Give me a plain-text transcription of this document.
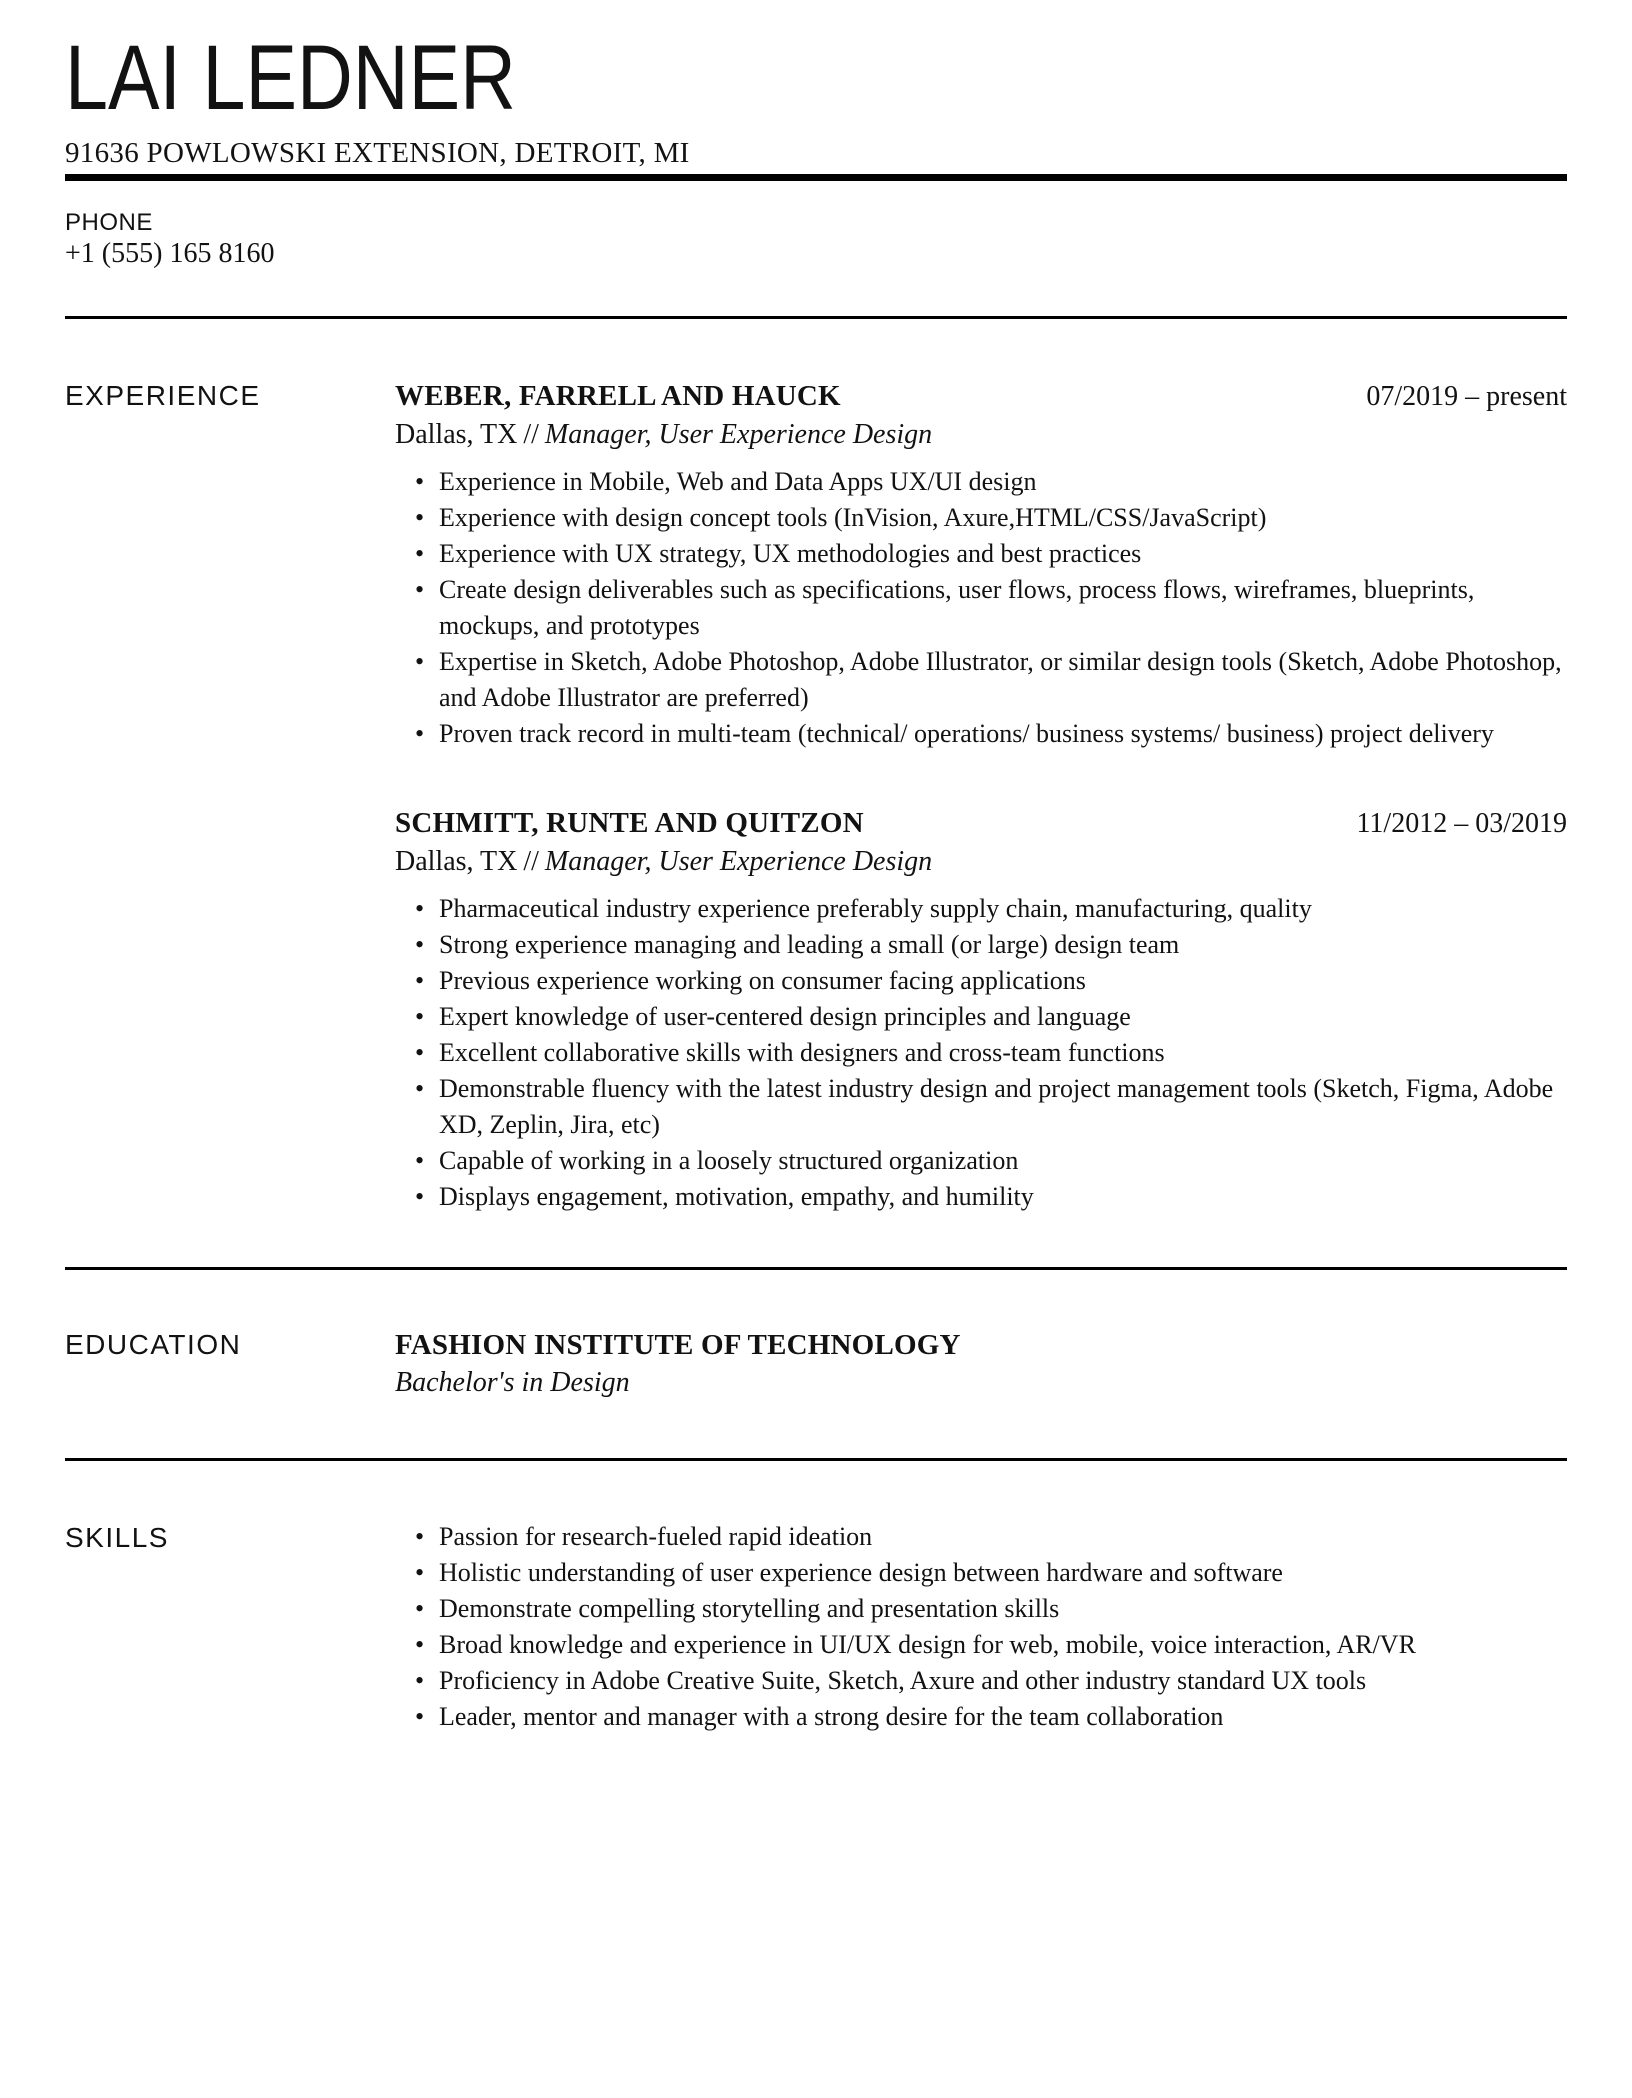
LAI LEDNER
91636 POWLOWSKI EXTENSION, DETROIT, MI
PHONE
+1 (555) 165 8160
EXPERIENCE	WEBER, FARRELL AND HAUCK	07/2019 – present
Dallas, TX // Manager, User Experience Design
• Experience in Mobile, Web and Data Apps UX/UI design
• Experience with design concept tools (InVision, Axure,HTML/CSS/JavaScript)
• Experience with UX strategy, UX methodologies and best practices
• Create design deliverables such as specifications, user flows, process flows, wireframes, blueprints, mockups, and prototypes
• Expertise in Sketch, Adobe Photoshop, Adobe Illustrator, or similar design tools (Sketch, Adobe Photoshop, and Adobe Illustrator are preferred)
• Proven track record in multi-team (technical/ operations/ business systems/ business) project delivery
SCHMITT, RUNTE AND QUITZON	11/2012 – 03/2019
Dallas, TX // Manager, User Experience Design
• Pharmaceutical industry experience preferably supply chain, manufacturing, quality
• Strong experience managing and leading a small (or large) design team
• Previous experience working on consumer facing applications
• Expert knowledge of user-centered design principles and language
• Excellent collaborative skills with designers and cross-team functions
• Demonstrable fluency with the latest industry design and project management tools (Sketch, Figma, Adobe XD, Zeplin, Jira, etc)
• Capable of working in a loosely structured organization
• Displays engagement, motivation, empathy, and humility
EDUCATION	FASHION INSTITUTE OF TECHNOLOGY
Bachelor's in Design
SKILLS	• Passion for research-fueled rapid ideation
• Holistic understanding of user experience design between hardware and software
• Demonstrate compelling storytelling and presentation skills
• Broad knowledge and experience in UI/UX design for web, mobile, voice interaction, AR/VR
• Proficiency in Adobe Creative Suite, Sketch, Axure and other industry standard UX tools
• Leader, mentor and manager with a strong desire for the team collaboration
